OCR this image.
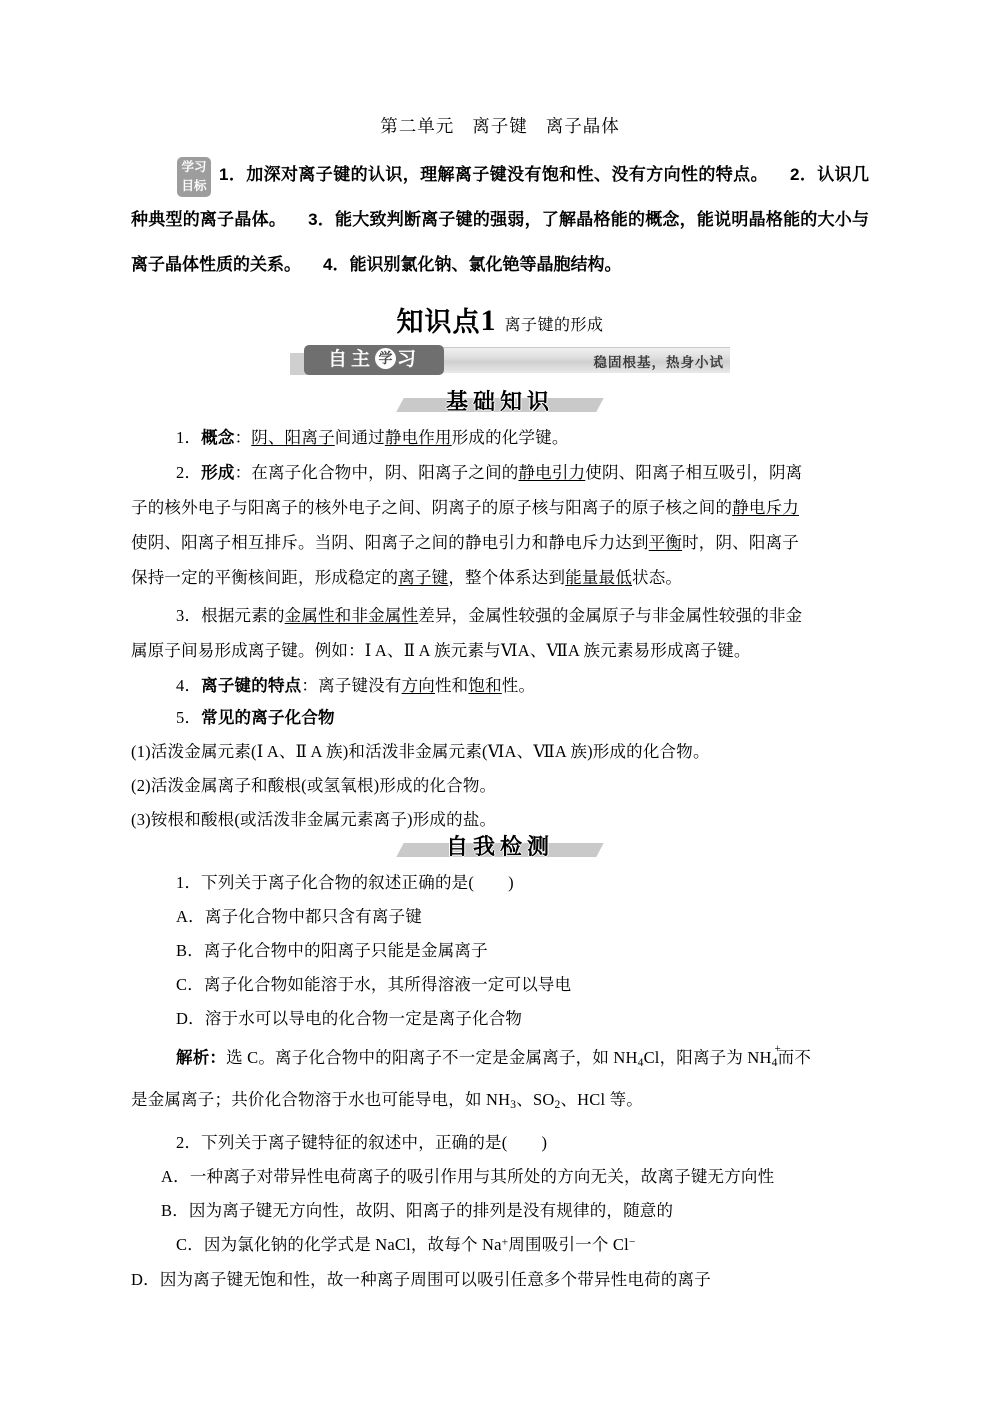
第二单元 离子键 离子晶体
学习
目标
1．加深对离子键的认识，理解离子键没有饱和性、没有方向性的特点。 2．认识几种典型的离子晶体。 3．能大致判断离子键的强弱，了解晶格能的概念，能说明晶格能的大小与离子晶体性质的关系。 4．能识别氯化钠、氯化铯等晶胞结构。
知识点1 离子键的形成
稳固根基，热身小试
自主 学 习
基础知识
1．概念：阴、阳离子间通过静电作用形成的化学键。
2．形成：在离子化合物中，阴、阳离子之间的静电引力使阴、阳离子相互吸引，阴离
子的核外电子与阳离子的核外电子之间、阴离子的原子核与阳离子的原子核之间的静电斥力
使阴、阳离子相互排斥。当阴、阳离子之间的静电引力和静电斥力达到平衡时，阴、阳离子
保持一定的平衡核间距，形成稳定的离子键，整个体系达到能量最低状态。
3．根据元素的金属性和非金属性差异，金属性较强的金属原子与非金属性较强的非金
属原子间易形成离子键。例如：Ⅰ A、Ⅱ A 族元素与ⅥA、ⅦA 族元素易形成离子键。
4．离子键的特点：离子键没有方向性和饱和性。
5．常见的离子化合物
(1)活泼金属元素(Ⅰ A、Ⅱ A 族)和活泼非金属元素(ⅥA、ⅦA 族)形成的化合物。
(2)活泼金属离子和酸根(或氢氧根)形成的化合物。
(3)铵根和酸根(或活泼非金属元素离子)形成的盐。
自我检测
1．下列关于离子化合物的叙述正确的是( )
A．离子化合物中都只含有离子键
B．离子化合物中的阳离子只能是金属离子
C．离子化合物如能溶于水，其所得溶液一定可以导电
D．溶于水可以导电的化合物一定是离子化合物
解析：选 C。离子化合物中的阳离子不一定是金属离子，如 $NH_4Cl$，阳离子为 $NH_4$
+
而不
是金属离子；共价化合物溶于水也可能导电，如 $NH_3$、$SO_2$、HCl 等。
2．下列关于离子键特征的叙述中，正确的是( )
A．一种离子对带异性电荷离子的吸引作用与其所处的方向无关，故离子键无方向性
B．因为离子键无方向性，故阴、阳离子的排列是没有规律的，随意的
C．因为氯化钠的化学式是 NaCl，故每个 Na+周围吸引一个 Cl−
D．因为离子键无饱和性，故一种离子周围可以吸引任意多个带异性电荷的离子
